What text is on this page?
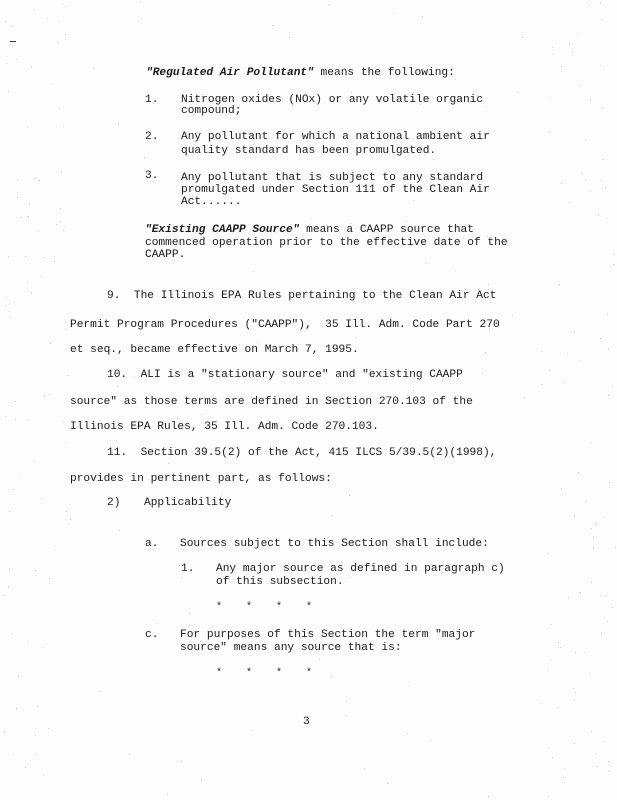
"Regulated Air Pollutant" means the following:
1. Nitrogen oxides (NOx) or any volatile organic
compound;
2. Any pollutant for which a national ambient air
quality standard has been promulgated.
3. Any pollutant that is subject to any standard
promulgated under Section 111 of the Clean Air
Act......
"Existing CAAPP Source" means a CAAPP source that
commenced operation prior to the effective date of the
CAAPP.
9.  The Illinois EPA Rules pertaining to the Clean Air Act
Permit Program Procedures ("CAAPP"),  35 Ill. Adm. Code Part 270
et seq., became effective on March 7, 1995.
10.  ALI is a "stationary source" and "existing CAAPP
source" as those terms are defined in Section 270.103 of the
Illinois EPA Rules, 35 Ill. Adm. Code 270.103.
11.  Section 39.5(2) of the Act, 415 ILCS 5/39.5(2)(1998),
provides in pertinent part, as follows:
2) Applicability
a. Sources subject to this Section shall include:
1. Any major source as defined in paragraph c)
of this subsection.
*    *    *    *
c. For purposes of this Section the term "major
source" means any source that is:
*    *    *    *
3
